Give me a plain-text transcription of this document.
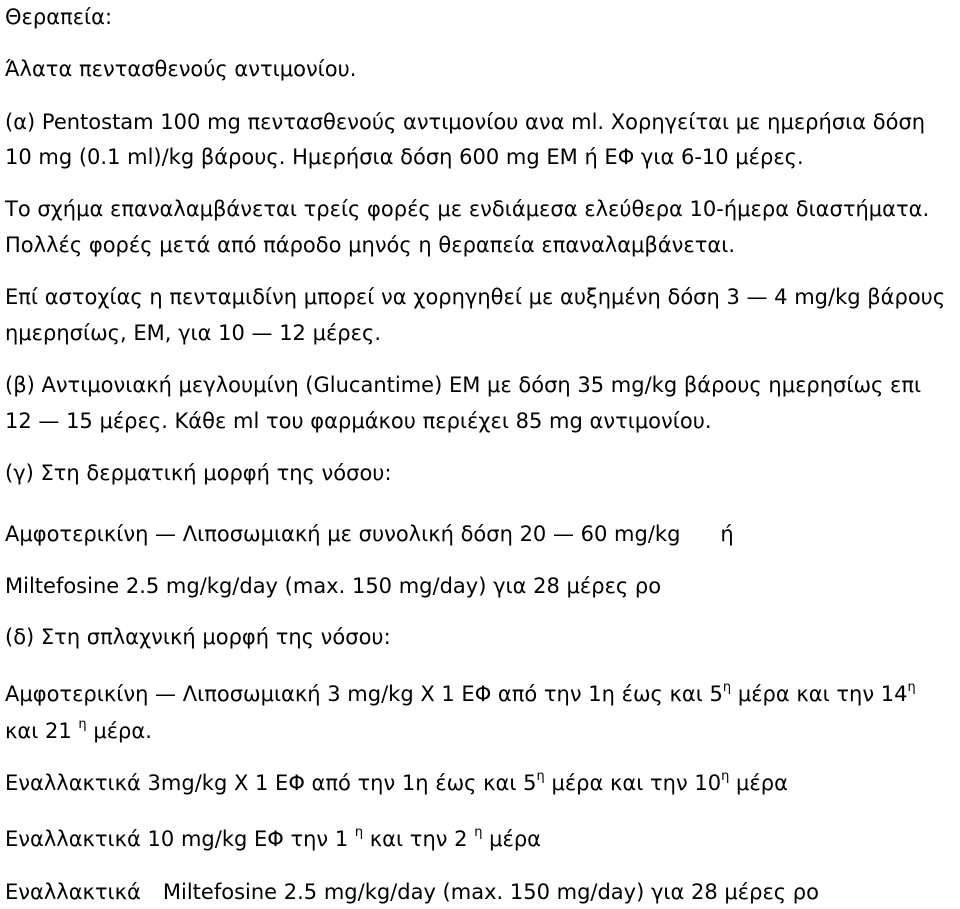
Θεραπεία:
Άλατα πεντασθενούς αντιμονίου.
(α) Pentostam 100 mg πεντασθενούς αντιμονίου ανα ml. Χορηγείται με ημερήσια δόση
10 mg (0.1 ml)/kg βάρους. Ημερήσια δόση 600 mg ΕΜ ή ΕΦ για 6-10 μέρες.
Το σχήμα επαναλαμβάνεται τρείς φορές με ενδιάμεσα ελεύθερα 10-ήμερα διαστήματα.
Πολλές φορές μετά από πάροδο μηνός η θεραπεία επαναλαμβάνεται.
Επί αστοχίας η πενταμιδίνη μπορεί να χορηγηθεί με αυξημένη δόση 3 — 4 mg/kg βάρους
ημερησίως, ΕΜ, για 10 — 12 μέρες.
(β) Αντιμονιακή μεγλουμίνη (Glucantime) ΕΜ με δόση 35 mg/kg βάρους ημερησίως επι
12 — 15 μέρες. Κάθε ml του φαρμάκου περιέχει 85 mg αντιμονίου.
(γ) Στη δερματική μορφή της νόσου:
Αμφοτερικίνη — Λιποσωμιακή με συνολική δόση 20 — 60 mg/kg ή
Miltefosine 2.5 mg/kg/day (max. 150 mg/day) για 28 μέρες ρο
(δ) Στη σπλαχνική μορφή της νόσου:
Αμφοτερικίνη — Λιποσωμιακή 3 mg/kg Χ 1 ΕΦ από την 1η έως και $5^\eta$ μέρα και την $14^\eta$
και 21 $^\eta$ μέρα.
Εναλλακτικά 3mg/kg Χ 1 ΕΦ από την 1η έως και $5^\eta$ μέρα και την $10^\eta$ μέρα
Εναλλακτικά 10 mg/kg ΕΦ την 1 $^\eta$ και την 2 $^\eta$ μέρα
Εναλλακτικά Miltefosine 2.5 mg/kg/day (max. 150 mg/day) για 28 μέρες ρο
